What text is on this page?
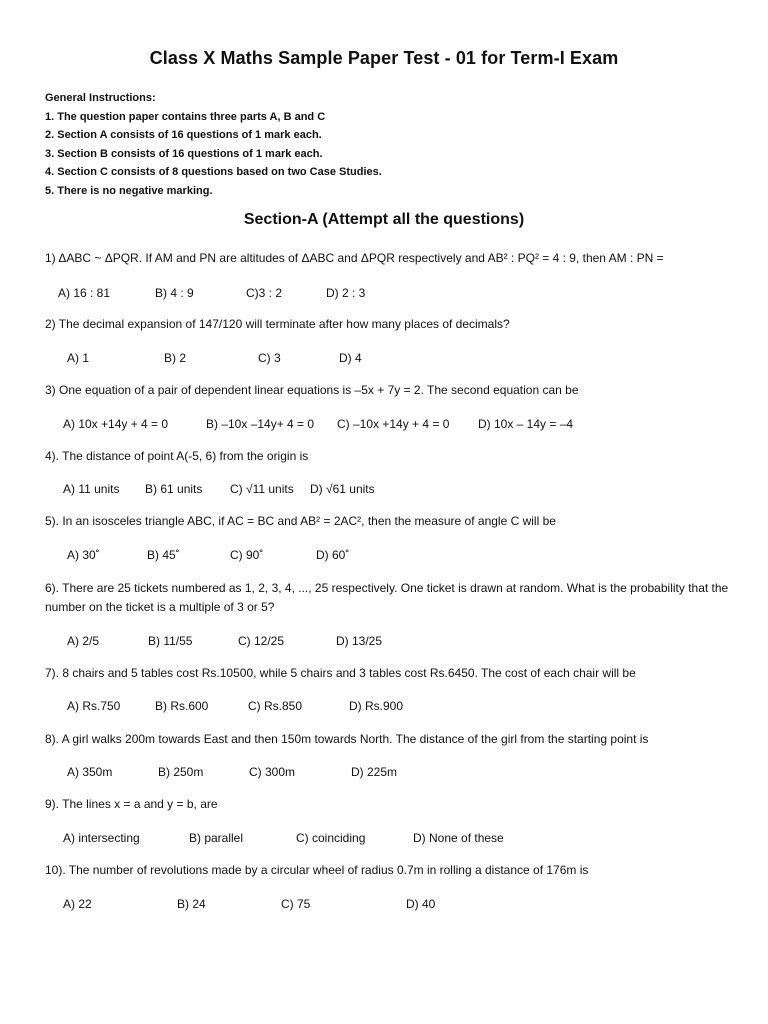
Class X Maths Sample Paper Test - 01 for Term-I Exam
General Instructions:
1. The question paper contains three parts A, B and C
2. Section A consists of 16 questions of 1 mark each.
3. Section B consists of 16 questions of 1 mark each.
4. Section C consists of 8 questions based on two Case Studies.
5. There is no negative marking.
Section-A (Attempt all the questions)
1) ΔABC ~ ΔPQR. If AM and PN are altitudes of ΔABC and ΔPQR respectively and AB² : PQ² = 4 : 9, then AM : PN =
A) 16 : 81	B) 4 : 9	C)3 : 2	D) 2 : 3
2) The decimal expansion of 147/120 will terminate after how many places of decimals?
A) 1	B) 2	C) 3	D) 4
3) One equation of a pair of dependent linear equations is –5x + 7y = 2. The second equation can be
A) 10x +14y + 4 = 0	B) –10x –14y+ 4 = 0 C) –10x +14y + 4 = 0 D) 10x – 14y = –4
4). The distance of point A(-5, 6) from the origin is
A) 11 units B) 61 units C) √11 units D) √61 units
5). In an isosceles triangle ABC, if AC = BC and AB² = 2AC², then the measure of angle C will be
A) 30˚	B) 45˚	C) 90˚	D) 60˚
6). There are 25 tickets numbered as 1, 2, 3, 4, ..., 25 respectively. One ticket is drawn at random. What is the probability that the number on the ticket is a multiple of 3 or 5?
A) 2/5	B) 11/55	C) 12/25	D) 13/25
7). 8 chairs and 5 tables cost Rs.10500, while 5 chairs and 3 tables cost Rs.6450. The cost of each chair will be
A) Rs.750	B) Rs.600	C) Rs.850	D) Rs.900
8). A girl walks 200m towards East and then 150m towards North. The distance of the girl from the starting point is
A) 350m	B) 250m	C) 300m	D) 225m
9). The lines x = a and y = b, are
A) intersecting	B) parallel	C) coinciding	D) None of these
10). The number of revolutions made by a circular wheel of radius 0.7m in rolling a distance of 176m is
A) 22	B) 24	C) 75	D) 40
